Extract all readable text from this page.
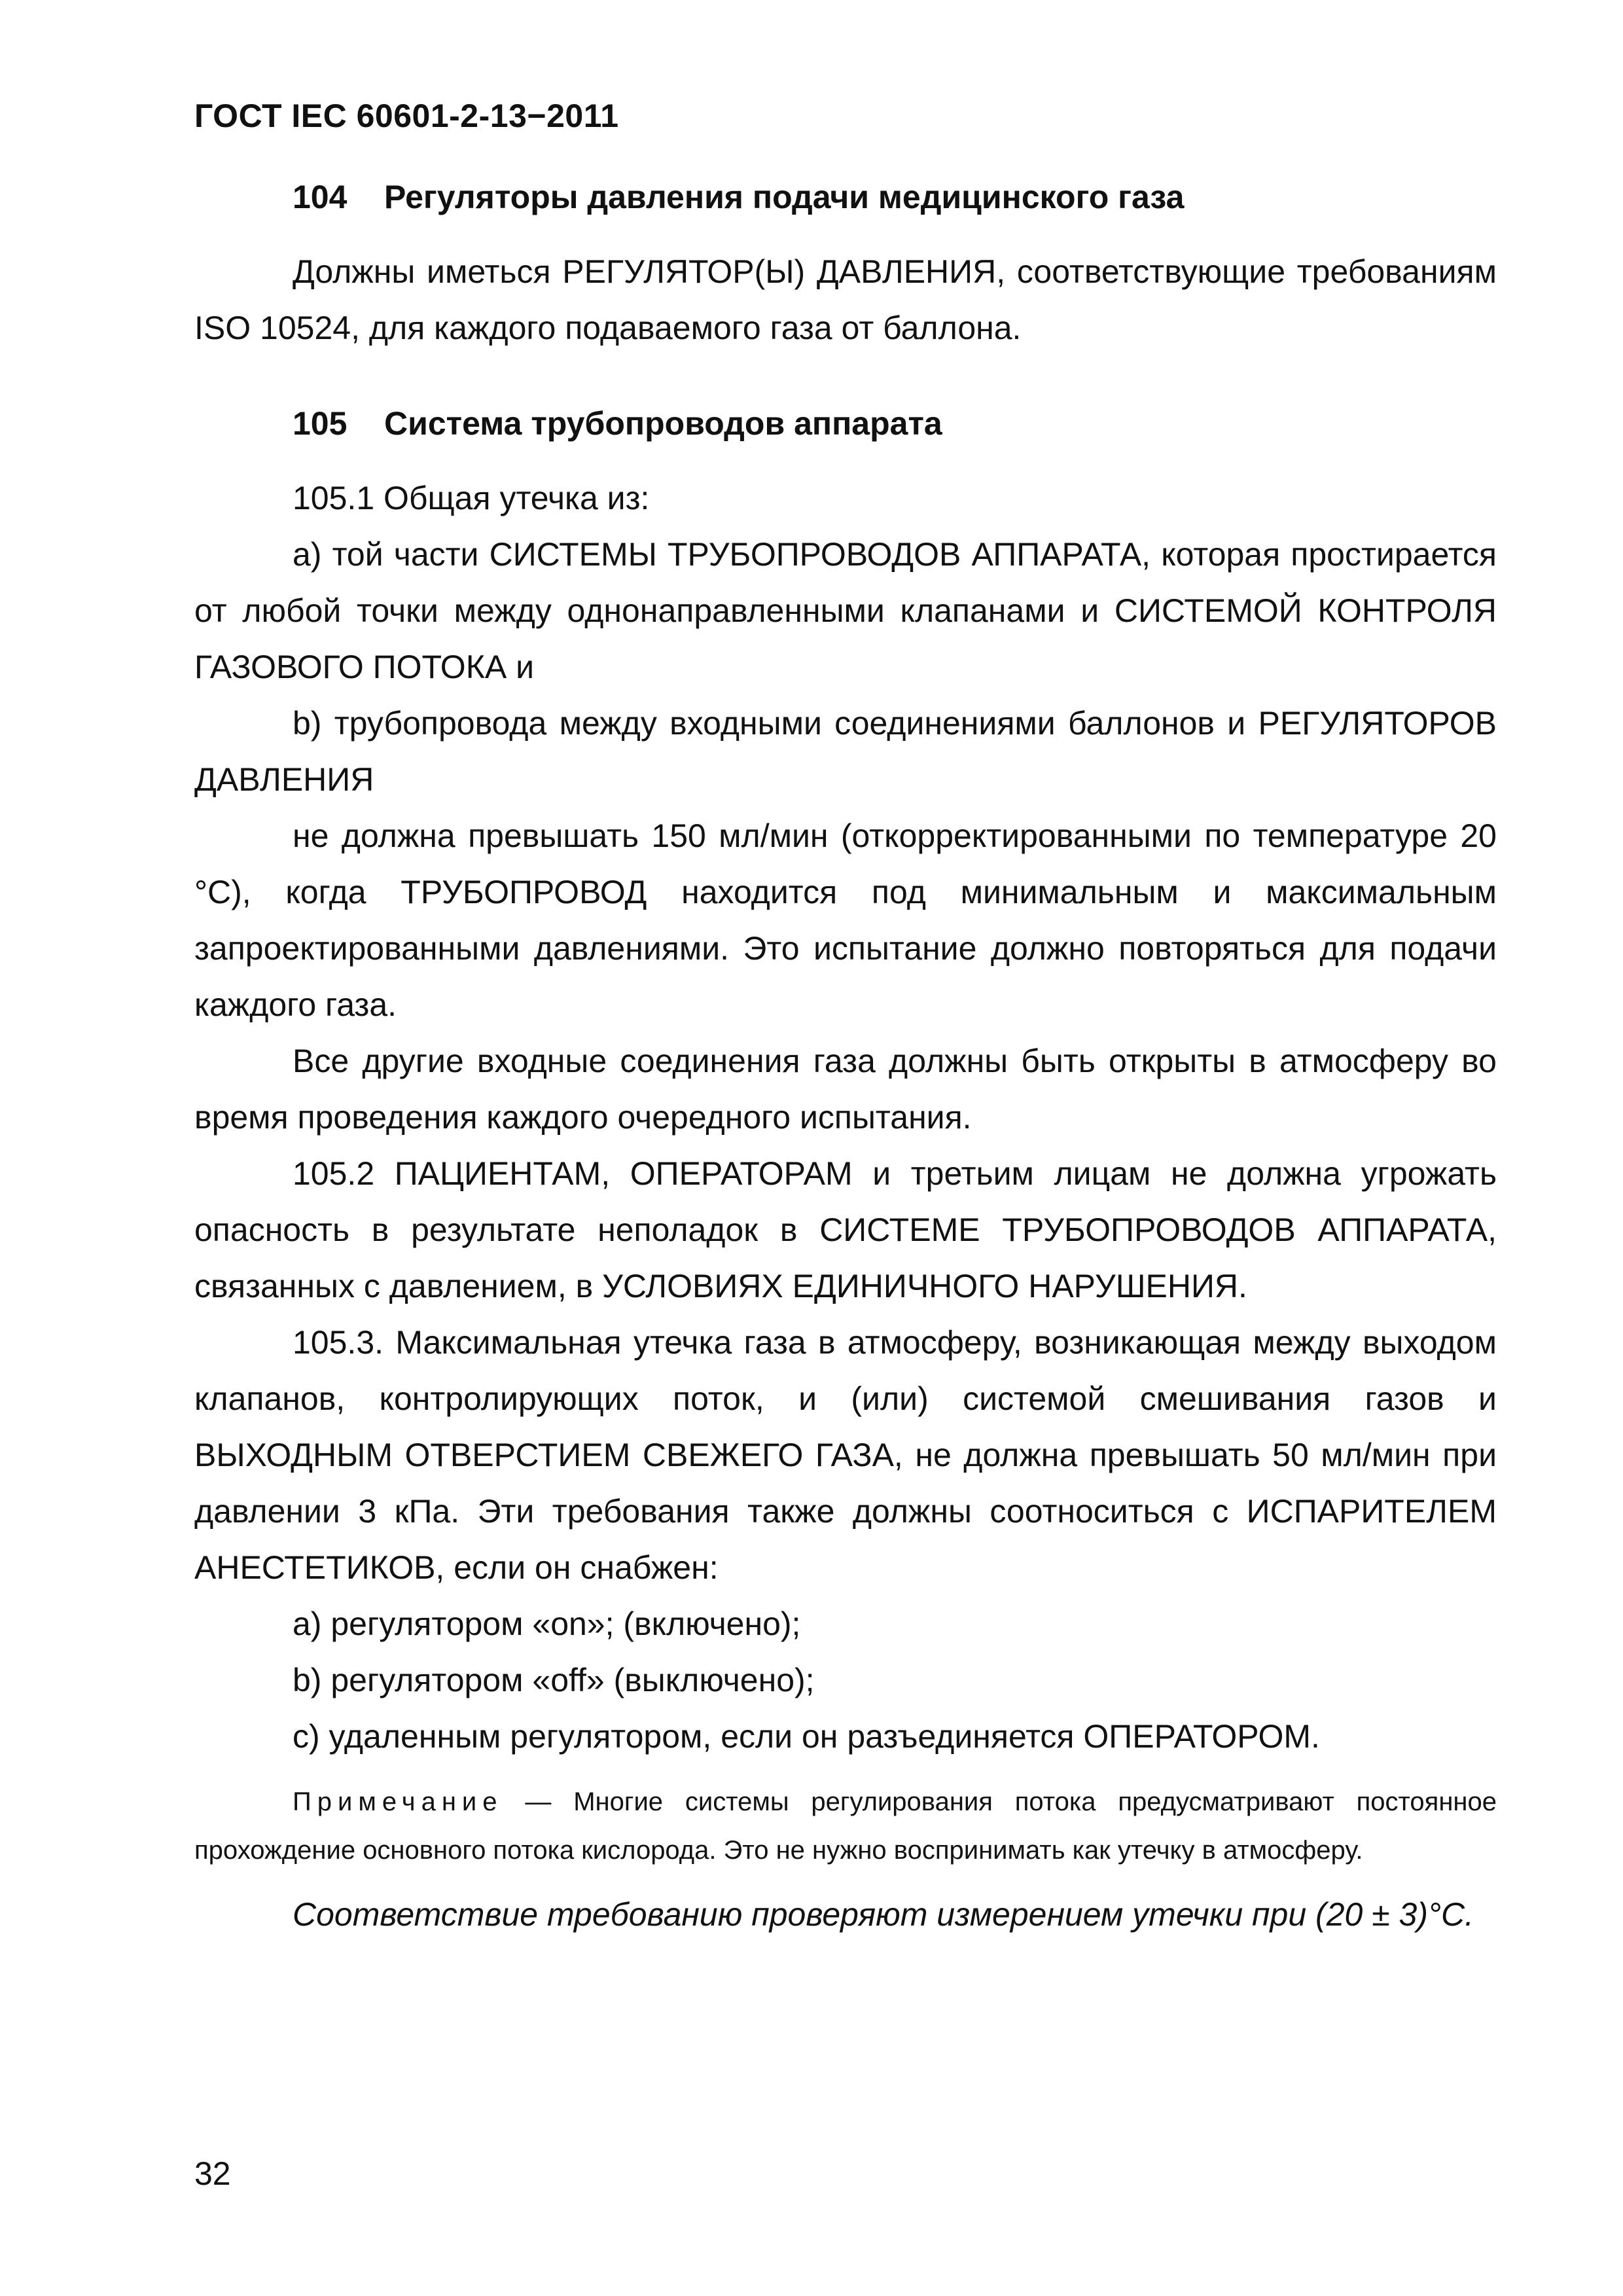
ГОСТ IEC 60601-2-13−2011
104 Регуляторы давления подачи медицинского газа

Должны иметься РЕГУЛЯТОР(Ы) ДАВЛЕНИЯ, соответствующие требованиям ISO 10524, для каждого подаваемого газа от баллона.

105 Система трубопроводов аппарата

105.1 Общая утечка из:

a) той части СИСТЕМЫ ТРУБОПРОВОДОВ АППАРАТА, которая простирается от любой точки между однонаправленными клапанами и СИСТЕМОЙ КОНТРОЛЯ ГАЗОВОГО ПОТОКА и

b) трубопровода между входными соединениями баллонов и РЕГУЛЯТОРОВ ДАВЛЕНИЯ

не должна превышать 150 мл/мин (откорректированными по температуре 20 °С), когда ТРУБОПРОВОД находится под минимальным и максимальным запроектированными давлениями. Это испытание должно повторяться для подачи каждого газа.

Все другие входные соединения газа должны быть открыты в атмосферу во время проведения каждого очередного испытания.

105.2 ПАЦИЕНТАМ, ОПЕРАТОРАМ и третьим лицам не должна угрожать опасность в результате неполадок в СИСТЕМЕ ТРУБОПРОВОДОВ АППАРАТА, связанных с давлением, в УСЛОВИЯХ ЕДИНИЧНОГО НАРУШЕНИЯ.

105.3. Максимальная утечка газа в атмосферу, возникающая между выходом клапанов, контролирующих поток, и (или) системой смешивания газов и ВЫХОДНЫМ ОТВЕРСТИЕМ СВЕЖЕГО ГАЗА, не должна превышать 50 мл/мин при давлении 3 кПа. Эти требования также должны соотноситься с ИСПАРИТЕЛЕМ АНЕСТЕТИКОВ, если он снабжен:

a) регулятором «on»; (включено);

b) регулятором «off» (выключено);

c) удаленным регулятором, если он разъединяется ОПЕРАТОРОМ.

Примечание — Многие системы регулирования потока предусматривают постоянное прохождение основного потока кислорода. Это не нужно воспринимать как утечку в атмосферу.

Соответствие требованию проверяют измерением утечки при (20 ± 3)°С.

32
